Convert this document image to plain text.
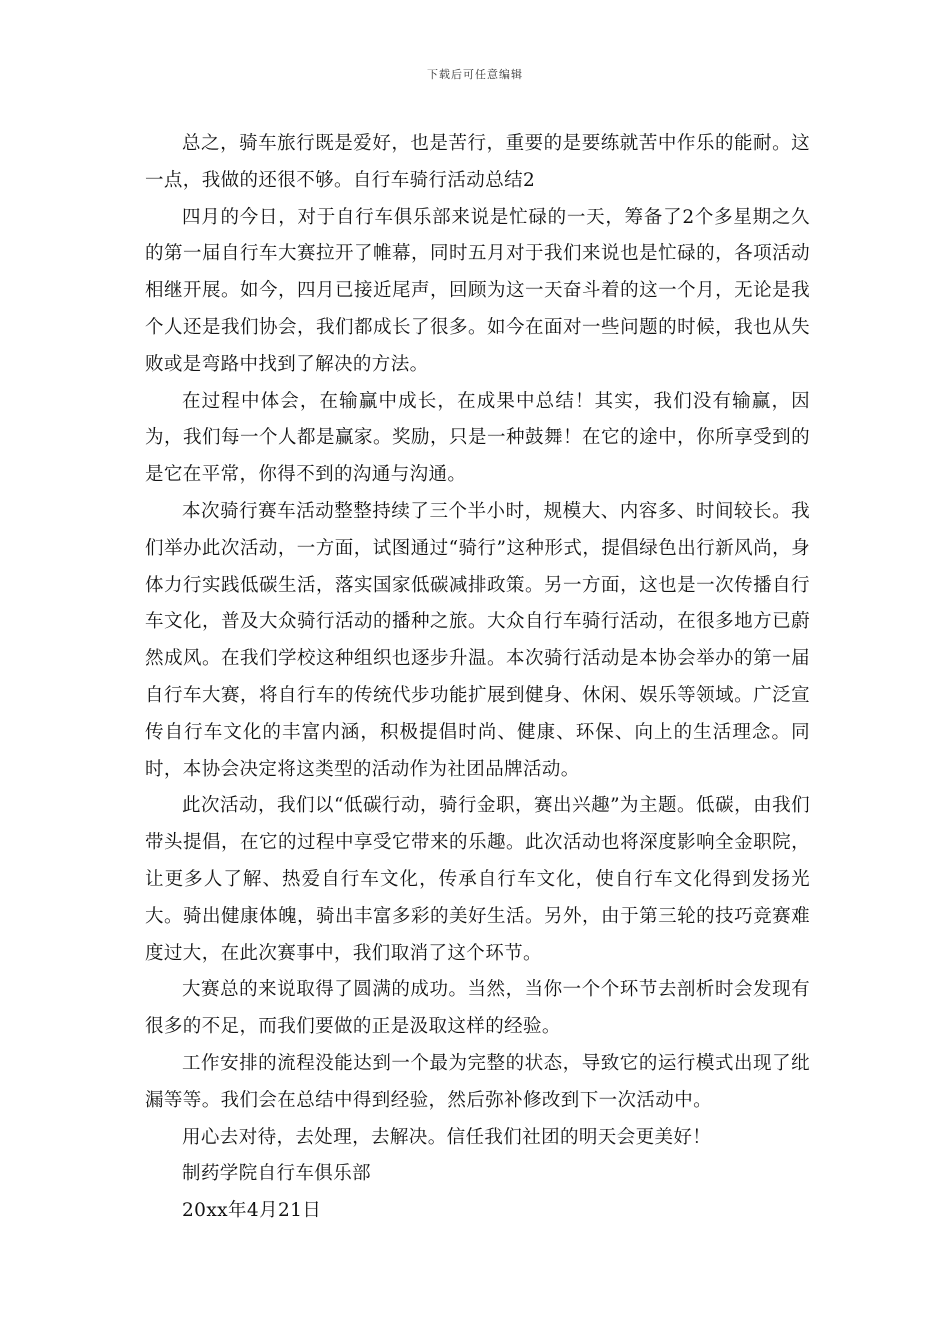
下载后可任意编辑

总之，骑车旅行既是爱好，也是苦行，重要的是要练就苦中作乐的能耐。这一点，我做的还很不够。自行车骑行活动总结2

四月的今日，对于自行车俱乐部来说是忙碌的一天，筹备了2个多星期之久的第一届自行车大赛拉开了帷幕，同时五月对于我们来说也是忙碌的，各项活动相继开展。如今，四月已接近尾声，回顾为这一天奋斗着的这一个月，无论是我个人还是我们协会，我们都成长了很多。如今在面对一些问题的时候，我也从失败或是弯路中找到了解决的方法。

在过程中体会，在输赢中成长，在成果中总结！其实，我们没有输赢，因为，我们每一个人都是赢家。奖励，只是一种鼓舞！在它的途中，你所享受到的是它在平常，你得不到的沟通与沟通。

本次骑行赛车活动整整持续了三个半小时，规模大、内容多、时间较长。我们举办此次活动，一方面，试图通过“骑行”这种形式，提倡绿色出行新风尚，身体力行实践低碳生活，落实国家低碳减排政策。另一方面，这也是一次传播自行车文化，普及大众骑行活动的播种之旅。大众自行车骑行活动，在很多地方已蔚然成风。在我们学校这种组织也逐步升温。本次骑行活动是本协会举办的第一届自行车大赛，将自行车的传统代步功能扩展到健身、休闲、娱乐等领域。广泛宣传自行车文化的丰富内涵，积极提倡时尚、健康、环保、向上的生活理念。同时，本协会决定将这类型的活动作为社团品牌活动。

此次活动，我们以“低碳行动，骑行金职，赛出兴趣”为主题。低碳，由我们带头提倡，在它的过程中享受它带来的乐趣。此次活动也将深度影响全金职院，让更多人了解、热爱自行车文化，传承自行车文化，使自行车文化得到发扬光大。骑出健康体魄，骑出丰富多彩的美好生活。另外，由于第三轮的技巧竞赛难度过大，在此次赛事中，我们取消了这个环节。

大赛总的来说取得了圆满的成功。当然，当你一个个环节去剖析时会发现有很多的不足，而我们要做的正是汲取这样的经验。

工作安排的流程没能达到一个最为完整的状态，导致它的运行模式出现了纰漏等等。我们会在总结中得到经验，然后弥补修改到下一次活动中。

用心去对待，去处理，去解决。信任我们社团的明天会更美好！

制药学院自行车俱乐部

20xx年4月21日
